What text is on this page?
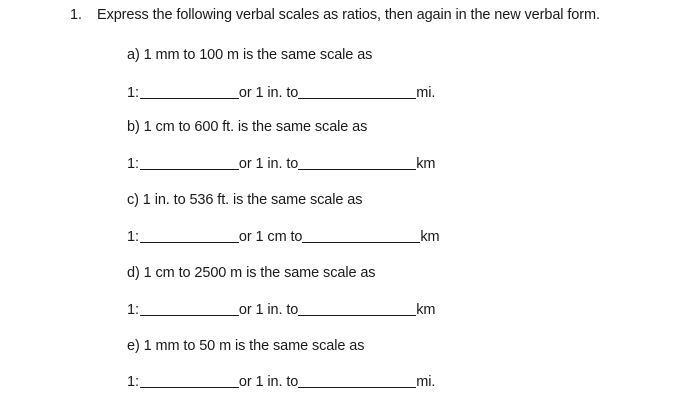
1. Express the following verbal scales as ratios, then again in the new verbal form.
a) 1 mm to 100 m is the same scale as
1:	or 1 in. to	mi.
b) 1 cm to 600 ft. is the same scale as
1:	or 1 in. to	km
c) 1 in. to 536 ft. is the same scale as
1:	or 1 cm to	km
d) 1 cm to 2500 m is the same scale as
1:	or 1 in. to	km
e) 1 mm to 50 m is the same scale as
1:	or 1 in. to	mi.
